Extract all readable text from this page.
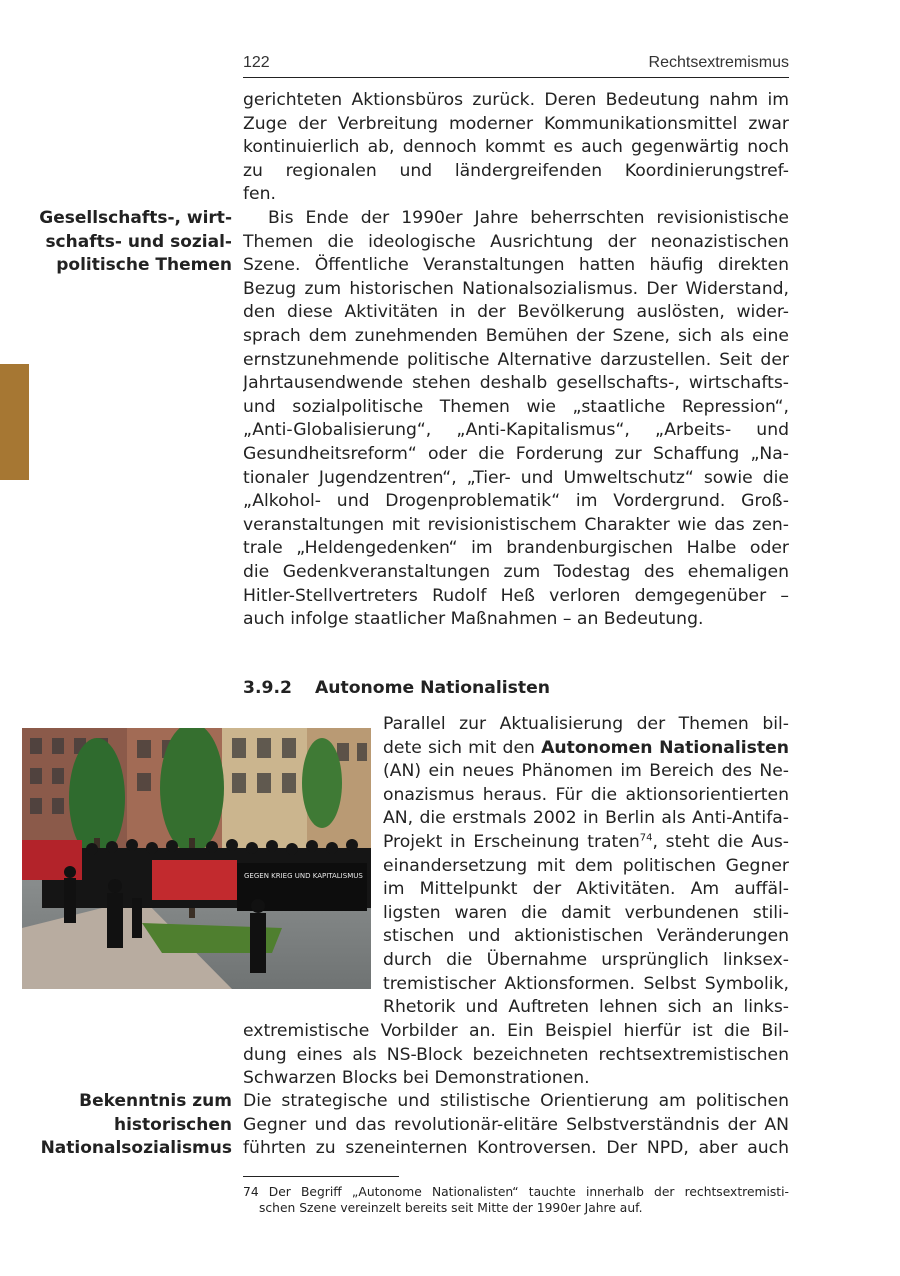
122	Rechtsextremismus
gerichteten Aktionsbüros zurück. Deren Bedeutung nahm im
Zuge der Verbreitung moderner Kommunikationsmittel zwar
kontinuierlich ab, dennoch kommt es auch gegenwärtig noch
zu regionalen und ländergreifenden Koordinierungstref-
fen.
Gesellschafts-, wirt-
schafts- und sozial-
politische Themen
Bis Ende der 1990er Jahre beherrschten revisionistische
Themen die ideologische Ausrichtung der neonazistischen
Szene. Öffentliche Veranstaltungen hatten häufig direkten
Bezug zum historischen Nationalsozialismus. Der Widerstand,
den diese Aktivitäten in der Bevölkerung auslösten, wider-
sprach dem zunehmenden Bemühen der Szene, sich als eine
ernstzunehmende politische Alternative darzustellen. Seit der
Jahrtausendwende stehen deshalb gesellschafts-, wirtschafts-
und sozialpolitische Themen wie „staatliche Repression“,
„Anti-Globalisierung“, „Anti-Kapitalismus“, „Arbeits- und
Gesundheitsreform“ oder die Forderung zur Schaffung „Na-
tionaler Jugendzentren“, „Tier- und Umweltschutz“ sowie die
„Alkohol- und Drogenproblematik“ im Vordergrund. Groß-
veranstaltungen mit revisionistischem Charakter wie das zen-
trale „Heldengedenken“ im brandenburgischen Halbe oder
die Gedenkveranstaltungen zum Todestag des ehemaligen
Hitler-Stellvertreters Rudolf Heß verloren demgegenüber –
auch infolge staatlicher Maßnahmen – an Bedeutung.
3.9.2 Autonome Nationalisten
GEGEN KRIEG UND KAPITALISMUS
Parallel zur Aktualisierung der Themen bil-
dete sich mit den Autonomen Nationalisten
(AN) ein neues Phänomen im Bereich des Ne-
onazismus heraus. Für die aktionsorientierten
AN, die erstmals 2002 in Berlin als Anti-Antifa-
Projekt in Erscheinung traten$^{74}$, steht die Aus-
einandersetzung mit dem politischen Gegner
im Mittelpunkt der Aktivitäten. Am auffäl-
ligsten waren die damit verbundenen stili-
stischen und aktionistischen Veränderungen
durch die Übernahme ursprünglich linksex-
tremistischer Aktionsformen. Selbst Symbolik,
Rhetorik und Auftreten lehnen sich an links-
extremistische Vorbilder an. Ein Beispiel hierfür ist die Bil-
dung eines als NS-Block bezeichneten rechtsextremistischen
Schwarzen Blocks bei Demonstrationen.
Bekenntnis zum
historischen
Nationalsozialismus
Die strategische und stilistische Orientierung am politischen
Gegner und das revolutionär-elitäre Selbstverständnis der AN
führten zu szeneinternen Kontroversen. Der NPD, aber auch
74 Der Begriff „Autonome Nationalisten“ tauchte innerhalb der rechtsextremisti-
schen Szene vereinzelt bereits seit Mitte der 1990er Jahre auf.
